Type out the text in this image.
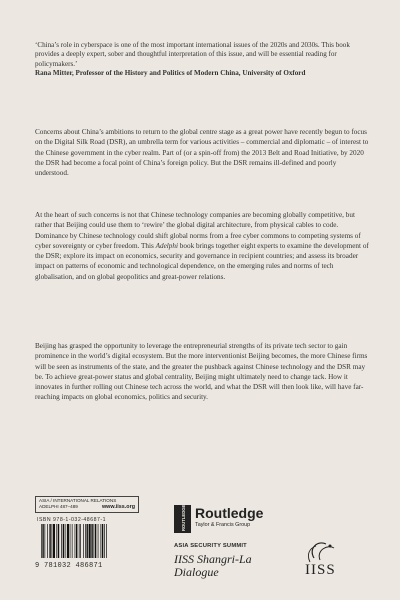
‘China’s role in cyberspace is one of the most important international issues of the 2020s and 2030s. This book provides a deeply expert, sober and thoughtful interpretation of this issue, and will be essential reading for policymakers.’
Rana Mitter, Professor of the History and Politics of Modern China, University of Oxford

Concerns about China’s ambitions to return to the global centre stage as a great power have recently begun to focus on the Digital Silk Road (DSR), an umbrella term for various activities – commercial and diplomatic – of interest to the Chinese government in the cyber realm. Part of (or a spin-off from) the 2013 Belt and Road Initiative, by 2020 the DSR had become a focal point of China’s foreign policy. But the DSR remains ill-defined and poorly understood.

At the heart of such concerns is not that Chinese technology companies are becoming globally competitive, but rather that Beijing could use them to ‘rewire’ the global digital architecture, from physical cables to code. Dominance by Chinese technology could shift global norms from a free cyber commons to competing systems of cyber sovereignty or cyber freedom. This Adelphi book brings together eight experts to examine the development of the DSR; explore its impact on economics, security and governance in recipient countries; and assess its broader impact on patterns of economic and technological dependence, on the emerging rules and norms of tech globalisation, and on global geopolitics and great-power relations.

Beijing has grasped the opportunity to leverage the entrepreneurial strengths of its private tech sector to gain prominence in the world’s digital ecosystem. But the more interventionist Beijing becomes, the more Chinese firms will be seen as instruments of the state, and the greater the pushback against Chinese technology and the DSR may be. To achieve great-power status and global centrality, Beijing might ultimately need to change tack. How it innovates in further rolling out Chinese tech across the world, and what the DSR will then look like, will have far-reaching impacts on global economics, politics and security.

ASIA / INTERNATIONAL RELATIONS
ADELPHI 487–489	www.iiss.org
ISBN 978-1-032-48687-1
9 781032 486871
ROUTLEDGE Routledge
Taylor & Francis Group
ASIA SECURITY SUMMIT
IISS Shangri-La
Dialogue	IISS
